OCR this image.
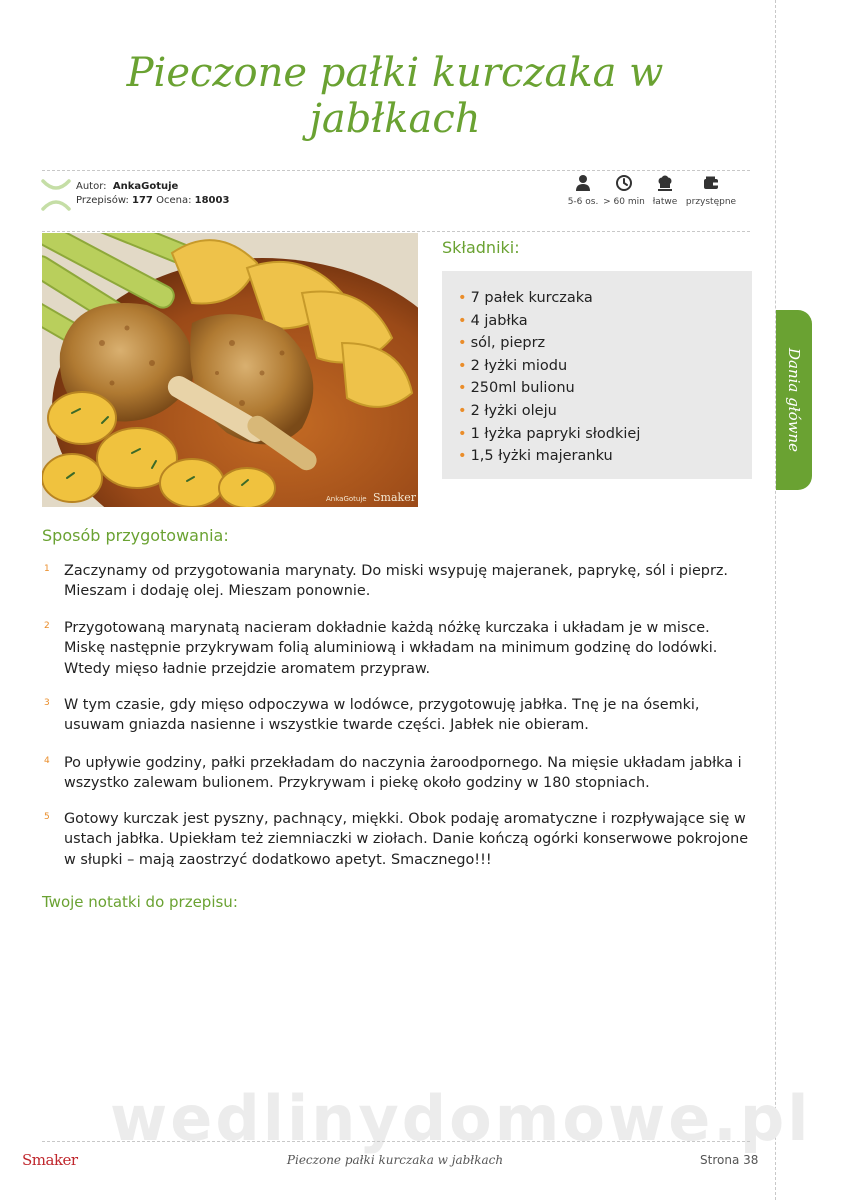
Pieczone pałki kurczaka w jabłkach
Autor: AnkaGotuje
Przepisów: 177 Ocena: 18003	5-6 os. > 60 min łatwe przystępne
AnkaGotuje Smaker
Składniki:
• 7 pałek kurczaka
• 4 jabłka
• sól, pieprz
• 2 łyżki miodu
• 250ml bulionu
• 2 łyżki oleju
• 1 łyżka papryki słodkiej
• 1,5 łyżki majeranku
Dania główne
Sposób przygotowania:
1 Zaczynamy od przygotowania marynaty. Do miski wsypuję majeranek, paprykę, sól i pieprz. Mieszam i dodaję olej. Mieszam ponownie.
2 Przygotowaną marynatą nacieram dokładnie każdą nóżkę kurczaka i układam je w misce. Miskę następnie przykrywam folią aluminiową i wkładam na minimum godzinę do lodówki. Wtedy mięso ładnie przejdzie aromatem przypraw.
3 W tym czasie, gdy mięso odpoczywa w lodówce, przygotowuję jabłka. Tnę je na ósemki, usuwam gniazda nasienne i wszystkie twarde części. Jabłek nie obieram.
4 Po upływie godziny, pałki przekładam do naczynia żaroodpornego. Na mięsie układam jabłka i wszystko zalewam bulionem. Przykrywam i piekę około godziny w 180 stopniach.
5 Gotowy kurczak jest pyszny, pachnący, miękki. Obok podaję aromatyczne i rozpływające się w ustach jabłka. Upiekłam też ziemniaczki w ziołach. Danie kończą ogórki konserwowe pokrojone w słupki – mają zaostrzyć dodatkowo apetyt. Smacznego!!!
Twoje notatki do przepisu:
wedlinydomowe.pl
Smaker	Pieczone pałki kurczaka w jabłkach	Strona 38
